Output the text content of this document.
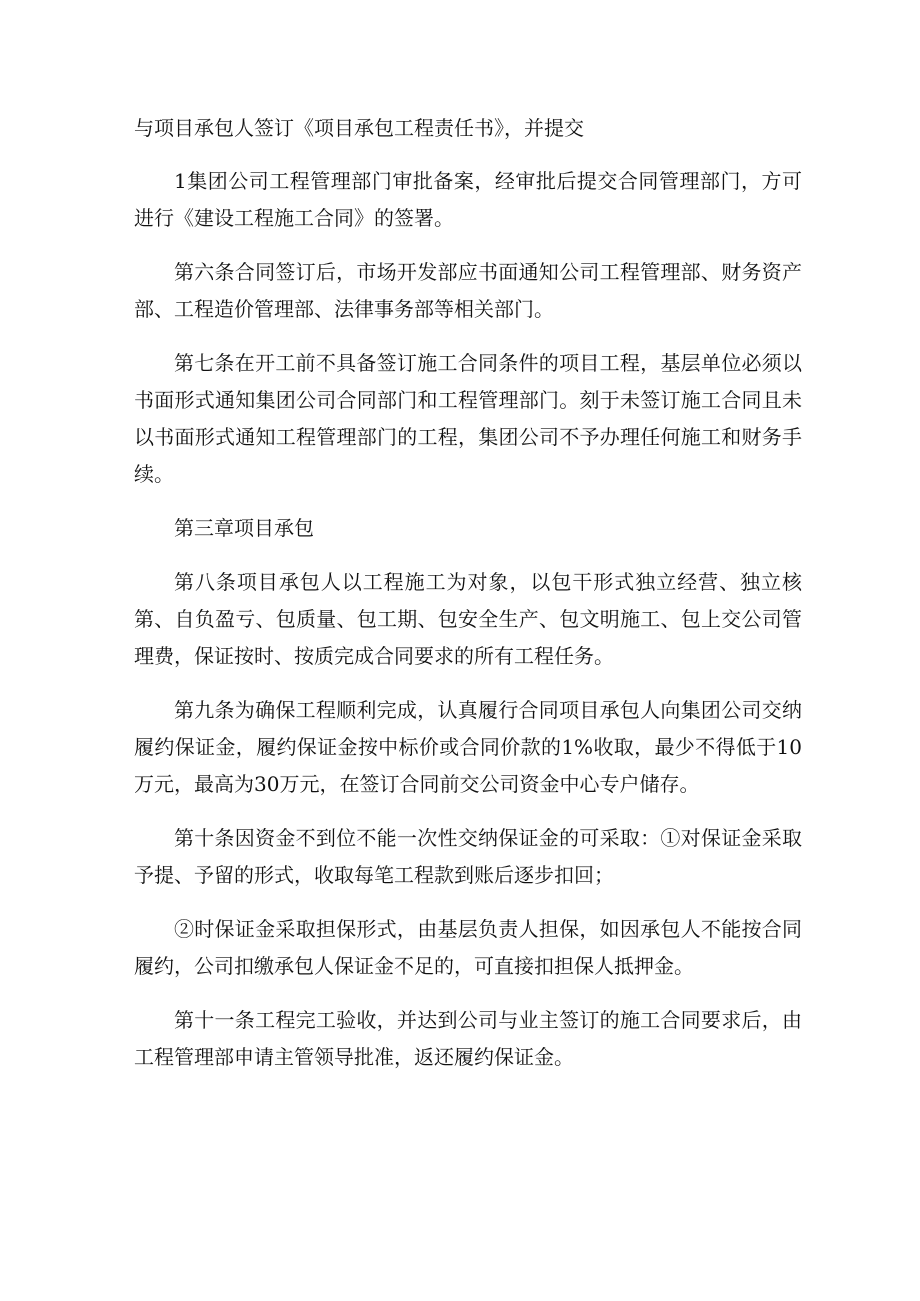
与项目承包人签订《项目承包工程责任书》，并提交

1集团公司工程管理部门审批备案，经审批后提交合同管理部门，方可进行《建设工程施工合同》的签署。

第六条合同签订后，市场开发部应书面通知公司工程管理部、财务资产部、工程造价管理部、法律事务部等相关部门。

第七条在开工前不具备签订施工合同条件的项目工程，基层单位必须以书面形式通知集团公司合同部门和工程管理部门。刻于未签订施工合同且未以书面形式通知工程管理部门的工程，集团公司不予办理任何施工和财务手续。

第三章项目承包

第八条项目承包人以工程施工为对象，以包干形式独立经营、独立核第、自负盈亏、包质量、包工期、包安全生产、包文明施工、包上交公司管理费，保证按时、按质完成合同要求的所有工程任务。

第九条为确保工程顺利完成，认真履行合同项目承包人向集团公司交纳履约保证金，履约保证金按中标价或合同价款的1%收取，最少不得低于10万元，最高为30万元，在签订合同前交公司资金中心专户储存。

第十条因资金不到位不能一次性交纳保证金的可采取：①对保证金采取予提、予留的形式，收取每笔工程款到账后逐步扣回；

②时保证金采取担保形式，由基层负责人担保，如因承包人不能按合同履约，公司扣缴承包人保证金不足的，可直接扣担保人抵押金。

第十一条工程完工验收，并达到公司与业主签订的施工合同要求后，由工程管理部申请主管领导批准，返还履约保证金。
